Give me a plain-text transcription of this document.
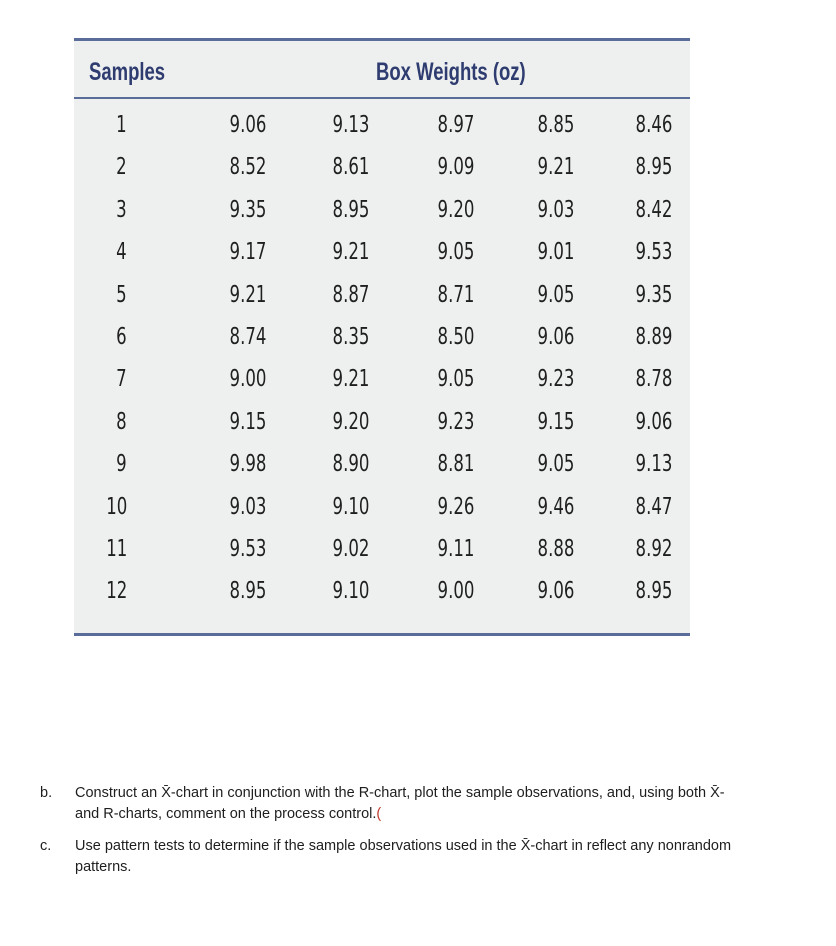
Samples	Box Weights (oz)
1	9.06	9.13	8.97	8.85	8.46
2	8.52	8.61	9.09	9.21	8.95
3	9.35	8.95	9.20	9.03	8.42
4	9.17	9.21	9.05	9.01	9.53
5	9.21	8.87	8.71	9.05	9.35
6	8.74	8.35	8.50	9.06	8.89
7	9.00	9.21	9.05	9.23	8.78
8	9.15	9.20	9.23	9.15	9.06
9	9.98	8.90	8.81	9.05	9.13
10	9.03	9.10	9.26	9.46	8.47
11	9.53	9.02	9.11	8.88	8.92
12	8.95	9.10	9.00	9.06	8.95
b. Construct an X̄-chart in conjunction with the R-chart, plot the sample observations, and, using both X̄-
and R-charts, comment on the process control.(
c. Use pattern tests to determine if the sample observations used in the X̄-chart in reflect any nonrandom
patterns.
